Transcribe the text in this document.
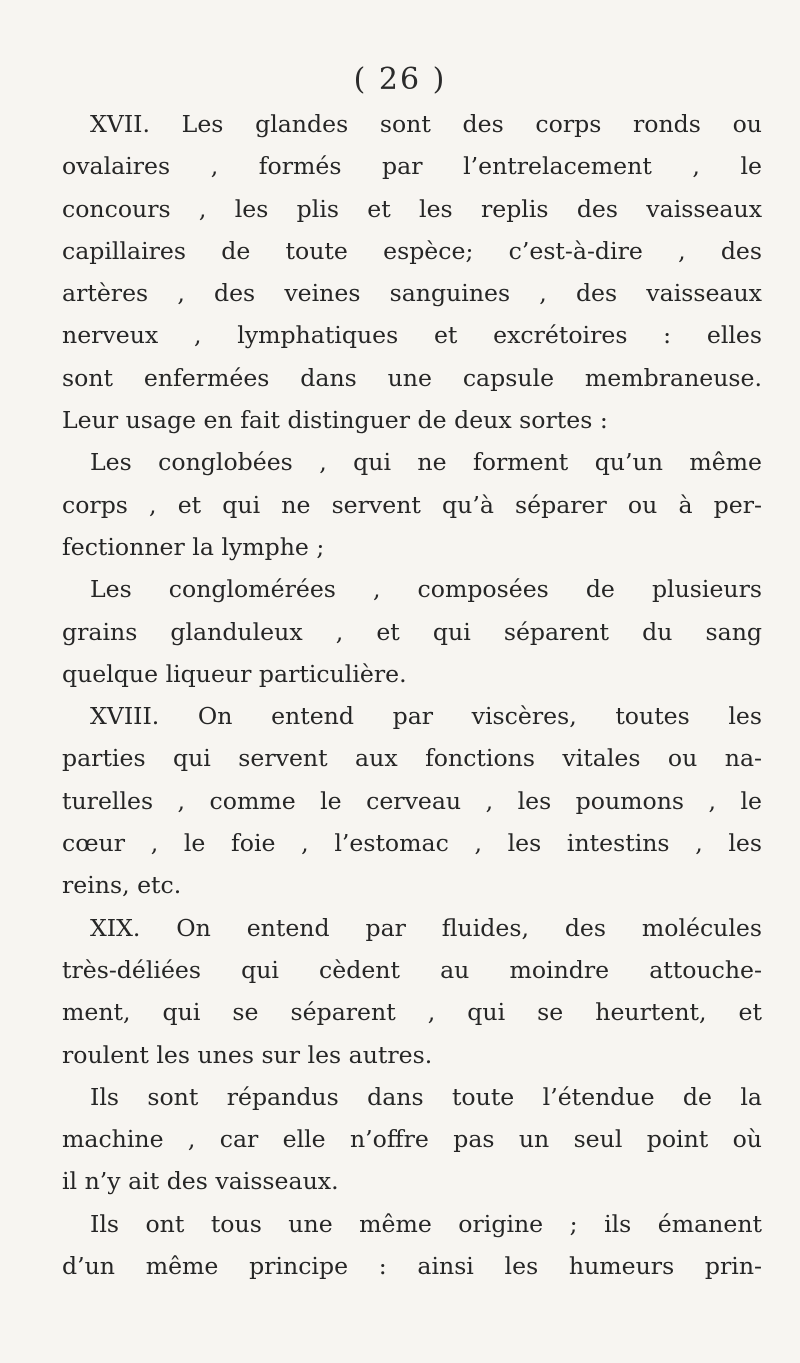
( 26 )
XVII. Les glandes sont des corps ronds ou
ovalaires , formés par l’entrelacement , le
concours , les plis et les replis des vaisseaux
capillaires de toute espèce; c’est-à-dire , des
artères , des veines sanguines , des vaisseaux
nerveux , lymphatiques et excrétoires : elles
sont enfermées dans une capsule membraneuse.
Leur usage en fait distinguer de deux sortes :
Les conglobées , qui ne forment qu’un même
corps , et qui ne servent qu’à séparer ou à per-
fectionner la lymphe ;
Les conglomérées , composées de plusieurs
grains glanduleux , et qui séparent du sang
quelque liqueur particulière.
XVIII. On entend par viscères, toutes les
parties qui servent aux fonctions vitales ou na-
turelles , comme le cerveau , les poumons , le
cœur , le foie , l’estomac , les intestins , les
reins, etc.
XIX. On entend par fluides, des molécules
très-déliées qui cèdent au moindre attouche-
ment, qui se séparent , qui se heurtent, et
roulent les unes sur les autres.
Ils sont répandus dans toute l’étendue de la
machine , car elle n’offre pas un seul point où
il n’y ait des vaisseaux.
Ils ont tous une même origine ; ils émanent
d’un même principe : ainsi les humeurs prin-
